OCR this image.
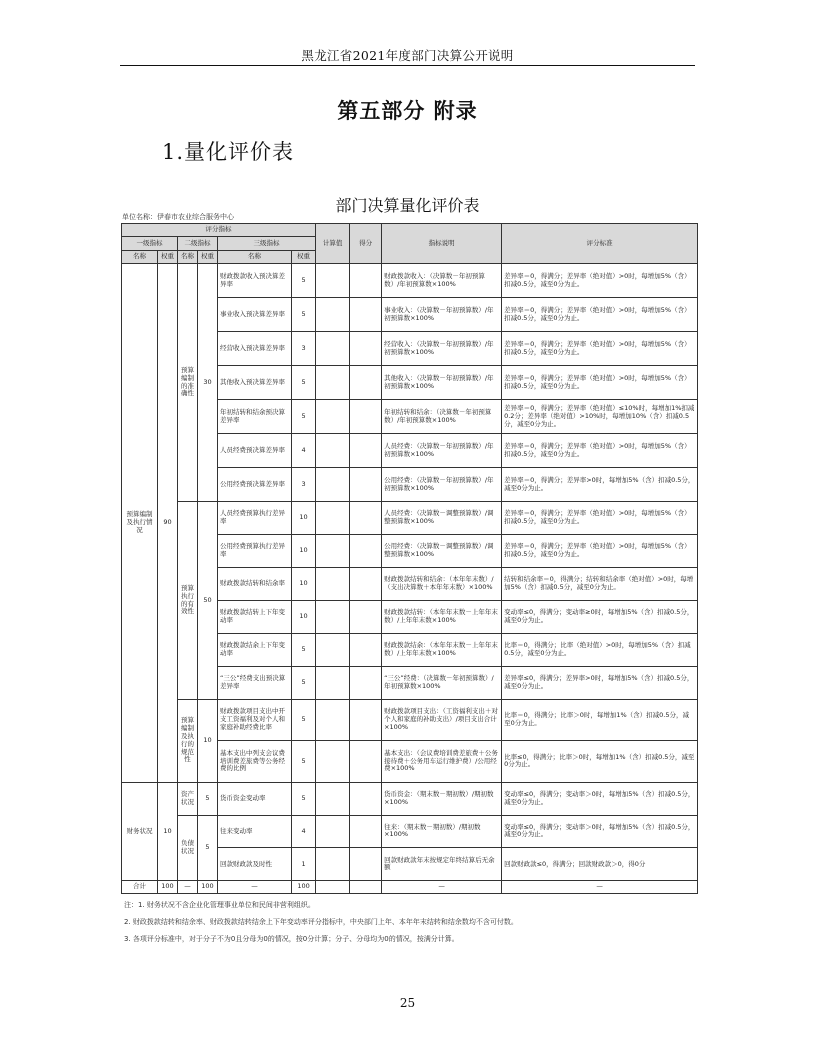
黑龙江省2021年度部门决算公开说明
第五部分 附录
1.量化评价表
部门决算量化评价表
单位名称：伊春市农业综合服务中心
评分指标						计算值	得分	指标说明	评分标准
一级指标		二级指标		三级指标					
名称	权重	名称	权重	名称	权重				
预算编制及执行情况	90	预算编制的准确性	30	财政拨款收入预决算差异率	5			财政拨款收入：（决算数－年初预算数）/年初预算数×100%	差异率＝0，得满分；差异率（绝对值）>0时，每增加5%（含）扣减0.5分，减至0分为止。
				事业收入预决算差异率	5			事业收入：（决算数－年初预算数）/年初预算数×100%	差异率＝0，得满分；差异率（绝对值）>0时，每增加5%（含）扣减0.5分，减至0分为止。
				经营收入预决算差异率	3			经营收入：（决算数－年初预算数）/年初预算数×100%	差异率＝0，得满分；差异率（绝对值）>0时，每增加5%（含）扣减0.5分，减至0分为止。
				其他收入预决算差异率	5			其他收入：（决算数－年初预算数）/年初预算数×100%	差异率＝0，得满分；差异率（绝对值）>0时，每增加5%（含）扣减0.5分，减至0分为止。
				年初结转和结余预决算差异率	5			年初结转和结余：（决算数－年初预算数）/年初预算数×100%	差异率＝0，得满分；差异率（绝对值）≤10%时，每增加1%扣减0.2分；差异率（绝对值）>10%时，每增加10%（含）扣减0.5分，减至0分为止。
				人员经费预决算差异率	4			人员经费：（决算数－年初预算数）/年初预算数×100%	差异率＝0，得满分；差异率（绝对值）>0时，每增加5%（含）扣减0.5分，减至0分为止。
				公用经费预决算差异率	3			公用经费：（决算数－年初预算数）/年初预算数×100%	差异率＝0，得满分；差异率>0时，每增加5%（含）扣减0.5分，减至0分为止。
		预算执行的有效性	50	人员经费预算执行差异率	10			人员经费：（决算数－调整预算数）/调整预算数×100%	差异率＝0，得满分；差异率（绝对值）>0时，每增加5%（含）扣减0.5分，减至0分为止。
				公用经费预算执行差异率	10			公用经费：（决算数－调整预算数）/调整预算数×100%	差异率＝0，得满分；差异率（绝对值）>0时，每增加5%（含）扣减0.5分，减至0分为止。
				财政拨款结转和结余率	10			财政拨款结转和结余：（本年年末数）/（支出决算数＋本年年末数）×100%	结转和结余率＝0，得满分；结转和结余率（绝对值）>0时，每增加5%（含）扣减0.5分，减至0分为止。
				财政拨款结转上下年变动率	10			财政拨款结转：（本年年末数－上年年末数）/上年年末数×100%	变动率≤0，得满分；变动率≥0时，每增加5%（含）扣减0.5分，减至0分为止。
				财政拨款结余上下年变动率	5			财政拨款结余：（本年年末数－上年年末数）/上年年末数×100%	比率＝0，得满分；比率（绝对值）>0时，每增加5%（含）扣减0.5分，减至0分为止。
				“三公”经费支出预决算差异率	5			“三公”经费：（决算数－年初预算数）/年初预算数×100%	差异率≤0，得满分；差异率>0时，每增加5%（含）扣减0.5分，减至0分为止。
		预算编制及执行的规范性	10	财政拨款项目支出中开支工资福利及对个人和家庭补助经费比率	5			财政拨款项目支出：（工资福利支出＋对个人和家庭的补助支出）/项目支出合计×100%	比率＝0，得满分；比率＞0时，每增加1%（含）扣减0.5分，减至0分为止。
				基本支出中列支会议费培训费差旅费等公务经费的比例	5			基本支出：（会议费培训费差旅费＋公务接待费＋公务用车运行维护费）/公用经费×100%	比率≤0，得满分；比率＞0时，每增加1%（含）扣减0.5分，减至0分为止。
财务状况	10	资产状况	5	货币资金变动率	5			货币资金：（期末数－期初数）/期初数×100%	变动率≤0，得满分；变动率＞0时，每增加5%（含）扣减0.5分，减至0分为止。
		负债状况	5	往来变动率	4			往来：（期末数－期初数）/期初数×100%	变动率≤0，得满分；变动率＞0时，每增加5%（含）扣减0.5分，减至0分为止。
				回款财政款及时性	1			回款财政款年末按规定年终结算后无余额	回款财政款≤0，得满分；回款财政款＞0，得0分
合计	100	—	100	—	100			—	—
注：1. 财务状况不含企业化管理事业单位和民间非营利组织。
2. 财政拨款结转和结余率、财政拨款结转结余上下年变动率评分指标中，中央部门上年、本年年末结转和结余数均不含可付数。
3. 各项评分标准中，对于分子不为0且分母为0的情况，按0分计算；分子、分母均为0的情况，按满分计算。
25
